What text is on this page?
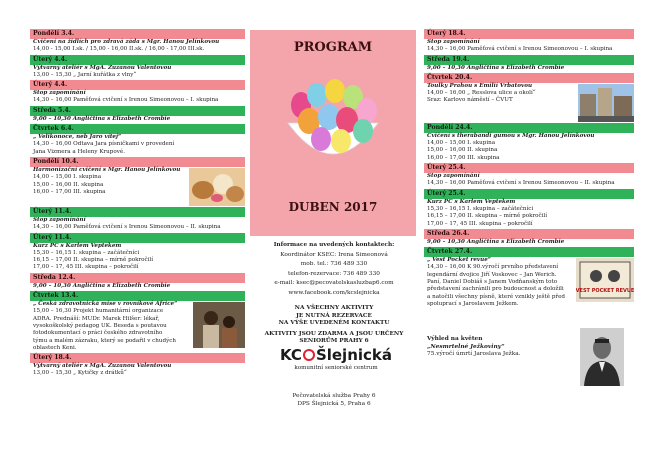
PROGRAM
DUBEN 2017
Pondělí 3.4.
Cvičení na židlích pro zdravá záda s Mgr. Hanou Jelínkovou
14,00 - 15,00 I.sk. / 15,00 - 16,00 II.sk. / 16,00 - 17,00 III.sk.
Úterý 4.4.
Výtvarný ateliér s MgA. Zuzanou Valentovou
13,00 – 15,30 „ Jarní kuřátka z vlny“
Úterý 4.4.
Stop zapomínání
14,30 – 16,00 Paměťová cvičení s Irenou Simeonovou – I. skupina
Středa 5.4.
9,00 – 10,30 Angličtina s Elizabeth Crombie
Čtvrtek 6.4.
„ Velikonoce, neb Jaro vítej“
14,30 – 16,00 Odtava Jara písničkami v provedení
Jana Vizmera a Heleny Krupové.
Pondělí 10.4.
Harmonizační cvičení s Mgr. Hanou Jelínkovou
14,00 – 15,00 I. skupina
15,00 – 16,00 II. skupina
16,00 – 17,00 III. skupina
Úterý 11.4.
Stop zapomínání
14,30 – 16,00 Paměťová cvičení s Irenou Simeonovou – II. skupina
Úterý 11.4.
Kurz PC s Karlem Veptekem
15,30 – 16,15 I. skupina – začátečníci
16,15 – 17,00 II. skupina – mírně pokročilí
17,00 – 17, 45 III. skupina – pokročilí
Středa 12.4.
9,00 – 10,30 Angličtina s Elizabeth Crombie
Čtvrtek 13.4.
„ Česká zdravotnická mise v rovníkové Africe“
15,00 – 16,30 Projekt humanitární organizace
ADRA. Prednáší: MUDr. Marek Hilšer: lékař,
vysokoškolský pedagog UK. Beseda s poutavou
fotodokumentací o práci českého zdravotního
týmu a malém zázraku, který se podařil v chudých oblastech Keni.
Úterý 18.4.
Výtvarný ateliér s MgA. Zuzanou Valentovou
13,00 – 15,30 „ Kytičky z drátků“
Úterý 18.4.
Stop zapomínání
14,30 – 16,00 Paměťová cvičení s Irenou Simeonovou – I. skupina
Středa 19.4.
9,00 – 10,30 Angličtina s Elizabeth Crombie
Čtvrtek 20.4.
Toulky Prahou s Emilií Vrbatovou
14,00 – 16,00 „ Resslova ulice a okolí“
Sraz: Karlovo náměstí – ČVUT
Pondělí 24.4.
Cvičení s therabandi gumou s Mgr. Hanou Jelínkovou
14,00 – 15,00 I. skupina
15,00 – 16,00 II. skupina
16,00 – 17,00 III. skupina
Úterý 25.4.
Stop zapomínání
14,30 – 16,00 Paměťová cvičení s Irenou Simeonovou – II. skupina
Úterý 25.4.
Kurz PC s Karlem Veptekem
15,30 – 16,15 I. skupina – začátečníci
16,15 – 17,00 II. skupina – mírně pokročilí
17,00 – 17, 45 III. skupina – pokročilí
Středa 26.4.
9,00 – 10,30 Angličtina s Elizabeth Crombie
Čtvrtek 27.4.
„ Vest Pocket revue“
14,30 – 16,00 K 90.výročí prvního představení
legendární dvojice Jiří Voskovec – Jan Werich.
Paní, Daniel Dobiáš s Janem Vodňanským toto
představení zachránili pro budoucnost a doložili
a natočili všechny písně, které vznikly ještě před
spoluprací s Jaroslavem Ježkem.
VEST POCKET REVUE
Informace na uvedených kontaktech:
Koordinátor KSEC: Irena Simeonová
mob. tel.: 736 489 330
telefon-rezervace: 736 489 330
e-mail: ksec@pecovatelskasluzbap6.com
www.facebook.com/kcslejnicka
NA VŠECHNY AKTIVITY
JE NUTNÁ REZERVACE
NA VÝŠE UVEDENÉM KONTAKTU
AKTIVITY JSOU ZDARMA A JSOU URČENY
SENIORŮM PRAHY 6
KC Šlejnická
komunitní seniorské centrum
Pečovatelská služba Prahy 6
DPS Šlejnická 5, Praha 6
Výhled na květen
„Nesmrtelné Ježkoviny“
75.výročí úmrtí Jaroslava Ježka.
